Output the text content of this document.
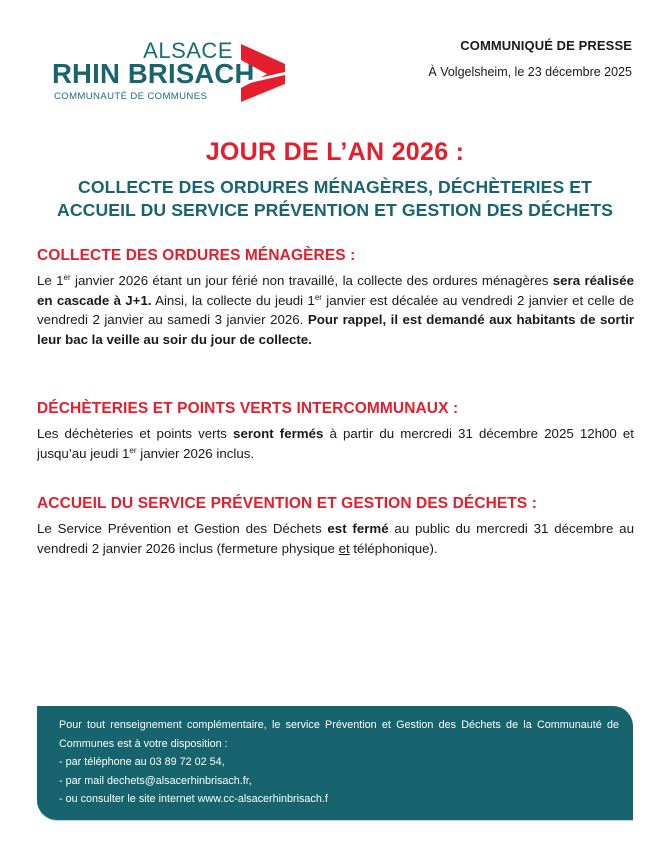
ALSACE
RHIN BRISACH
COMMUNAUTÉ DE COMMUNES
COMMUNIQUÉ DE PRESSE
À Volgelsheim, le 23 décembre 2025
JOUR DE L’AN 2026 :
COLLECTE DES ORDURES MÉNAGÈRES, DÉCHÈTERIES ET
ACCUEIL DU SERVICE PRÉVENTION ET GESTION DES DÉCHETS
COLLECTE DES ORDURES MÉNAGÈRES :

Le 1er janvier 2026 étant un jour férié non travaillé, la collecte des ordures ménagères sera réalisée en cascade à J+1. Ainsi, la collecte du jeudi 1er janvier est décalée au vendredi 2 janvier et celle de vendredi 2 janvier au samedi 3 janvier 2026. Pour rappel, il est demandé aux habitants de sortir leur bac la veille au soir du jour de collecte.

DÉCHÈTERIES ET POINTS VERTS INTERCOMMUNAUX :

Les déchèteries et points verts seront fermés à partir du mercredi 31 décembre 2025 12h00 et jusqu’au jeudi 1er janvier 2026 inclus.

ACCUEIL DU SERVICE PRÉVENTION ET GESTION DES DÉCHETS :

Le Service Prévention et Gestion des Déchets est fermé au public du mercredi 31 décembre au vendredi 2 janvier 2026 inclus (fermeture physique et téléphonique).

Pour tout renseignement complémentaire, le service Prévention et Gestion des Déchets de la Communauté de Communes est à votre disposition :
- par téléphone au 03 89 72 02 54,
- par mail dechets@alsacerhinbrisach.fr,
- ou consulter le site internet www.cc-alsacerhinbrisach.f
